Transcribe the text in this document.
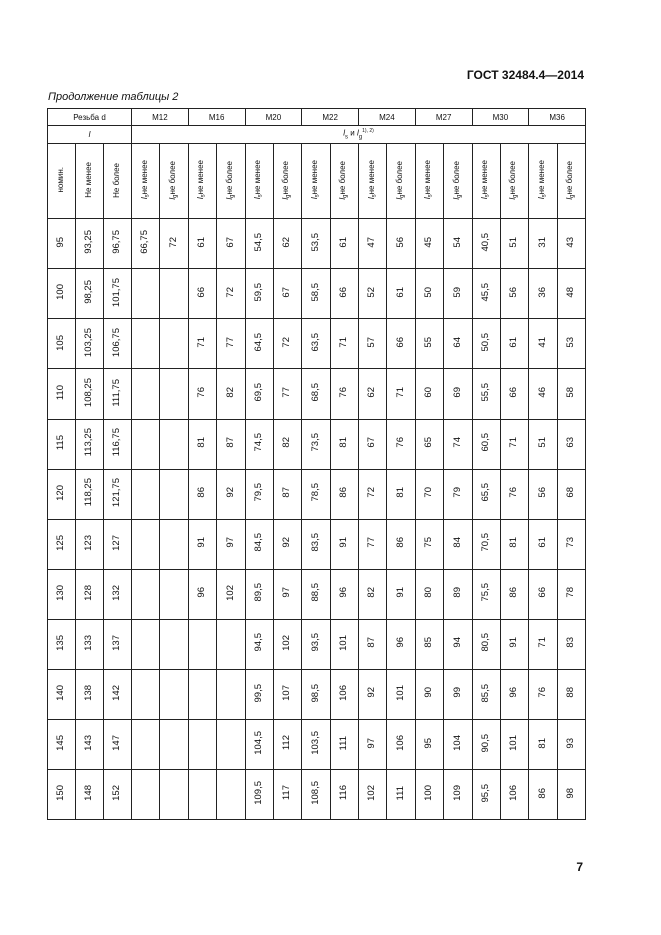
ГОСТ 32484.4—2014
Продолжение таблицы 2
Резьба d			M12		M16		M20		M22		M24		M27		M30		M36	
l			$l_s$ и $l_g^{1), 2)}$
номин.	Не менее	Не более	$l_sне$ менее	$l_gне$ более	$l_sне$ менее	$l_gне$ более	$l_sне$ менее	$l_gне$ более	$l_sне$ менее	$l_gне$ более	$l_sне$ менее	$l_gне$ более	$l_sне$ менее	$l_gне$ более	$l_sне$ менее	$l_gне$ более	$l_sне$ менее	$l_gне$ более
95	93,25	96,75	66,75	72	61	67	54,5	62	53,5	61	47	56	45	54	40,5	51	31	43
100	98,25	101,75			66	72	59,5	67	58,5	66	52	61	50	59	45,5	56	36	48
105	103,25	106,75			71	77	64,5	72	63,5	71	57	66	55	64	50,5	61	41	53
110	108,25	111,75			76	82	69,5	77	68,5	76	62	71	60	69	55,5	66	46	58
115	113,25	116,75			81	87	74,5	82	73,5	81	67	76	65	74	60,5	71	51	63
120	118,25	121,75			86	92	79,5	87	78,5	86	72	81	70	79	65,5	76	56	68
125	123	127			91	97	84,5	92	83,5	91	77	86	75	84	70,5	81	61	73
130	128	132			96	102	89,5	97	88,5	96	82	91	80	89	75,5	86	66	78
135	133	137					94,5	102	93,5	101	87	96	85	94	80,5	91	71	83
140	138	142					99,5	107	98,5	106	92	101	90	99	85,5	96	76	88
145	143	147					104,5	112	103,5	111	97	106	95	104	90,5	101	81	93
150	148	152					109,5	117	108,5	116	102	111	100	109	95,5	106	86	98
7
